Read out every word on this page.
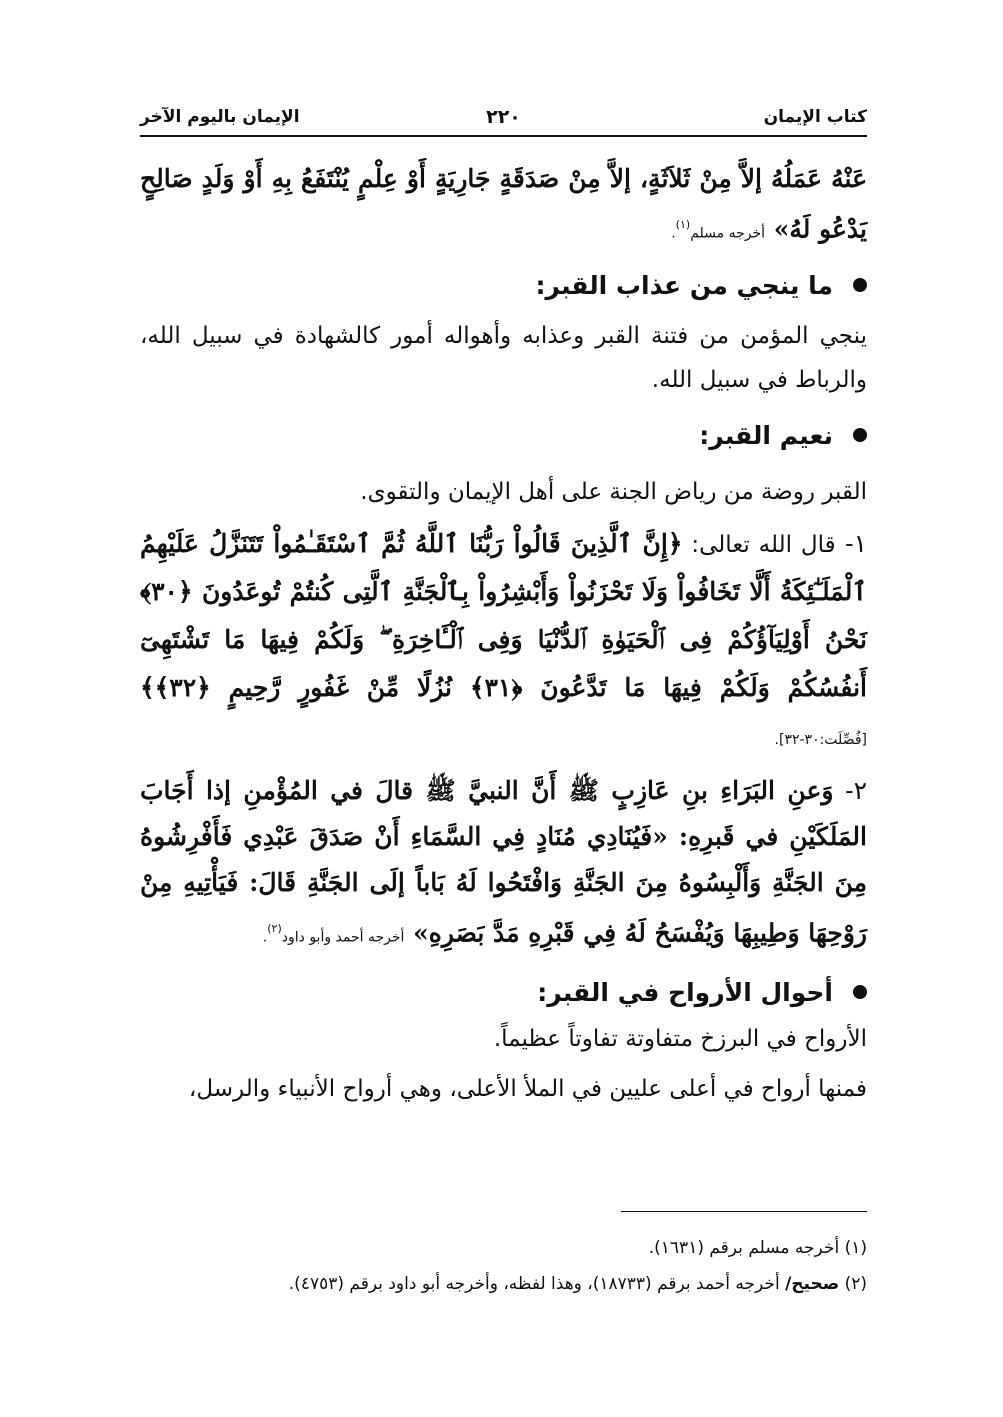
كتاب الإيمان
٢٢٠
الإيمان باليوم الآخر

عَنْهُ عَمَلُهُ إلاَّ مِنْ ثَلاَثَةٍ، إلاَّ مِنْ صَدَقَةٍ جَارِيَةٍ أَوْ عِلْمٍ يُنْتَفَعُ بِهِ أَوْ وَلَدٍ صَالِحٍ يَدْعُو لَهُ» أخرجه مسلم$^{(١)}$.

ما ينجي من عذاب القبر:

ينجي المؤمن من فتنة القبر وعذابه وأهواله أمور كالشهادة في سبيل الله، والرباط في سبيل الله.

نعيم القبر:

القبر روضة من رياض الجنة على أهل الإيمان والتقوى.

١- قال الله تعالى: ﴿إِنَّ ٱلَّذِينَ قَالُواْ رَبُّنَا ٱللَّهُ ثُمَّ ٱسْتَقَـٰمُواْ تَتَنَزَّلُ عَلَيْهِمُ ٱلْمَلَـٰٓئِكَةُ أَلَّا تَخَافُواْ وَلَا تَحْزَنُواْ وَأَبْشِرُواْ بِٱلْجَنَّةِ ٱلَّتِى كُنتُمْ تُوعَدُونَ ﴿٣٠﴾ نَحْنُ أَوْلِيَآؤُكُمْ فِى ٱلْحَيَوٰةِ ٱلدُّنْيَا وَفِى ٱلْـَٔاخِرَةِ ۖ وَلَكُمْ فِيهَا مَا تَشْتَهِىٓ أَنفُسُكُمْ وَلَكُمْ فِيهَا مَا تَدَّعُونَ ﴿٣١﴾ نُزُلًا مِّنْ غَفُورٍ رَّحِيمٍ ﴿٣٢﴾﴾ [فُصِّلَت:٣٠-٣٢].

٢- وَعنِ البَرَاءِ بنِ عَازِبٍ ﷺ أَنَّ النبيَّ ﷺ قالَ في المُؤْمنِ إذا أَجَابَ المَلَكَيْنِ في قَبرِهِ: «فَيُنَادِي مُنَادٍ فِي السَّمَاءِ أَنْ صَدَقَ عَبْدِي فَأَفْرِشُوهُ مِنَ الجَنَّةِ وَأَلْبِسُوهُ مِنَ الجَنَّةِ وَافْتَحُوا لَهُ بَاباً إلَى الجَنَّةِ قَالَ: فَيَأْتِيهِ مِنْ رَوْحِهَا وَطِيبِهَا وَيُفْسَحُ لَهُ فِي قَبْرِهِ مَدَّ بَصَرِهِ» أخرجه أحمد وأبو داود$^{(٢)}$.

أحوال الأرواح في القبر:

الأرواح في البرزخ متفاوتة تفاوتاً عظيماً.

فمنها أرواح في أعلى عليين في الملأ الأعلى، وهي أرواح الأنبياء والرسل،

(١) أخرجه مسلم برقم (١٦٣١).

(٢) صحيح/ أخرجه أحمد برقم (١٨٧٣٣)، وهذا لفظه، وأخرجه أبو داود برقم (٤٧٥٣).
